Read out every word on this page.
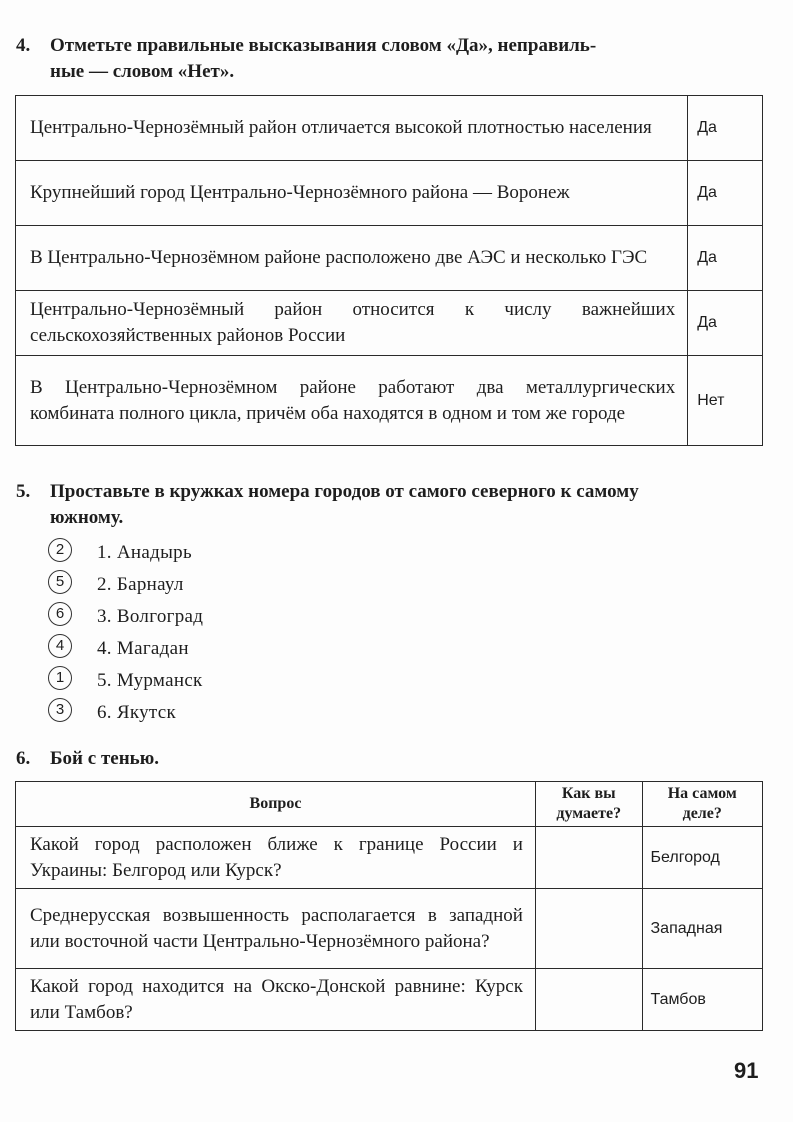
4. Отметьте правильные высказывания словом «Да», неправиль-
ные — словом «Нет».
Центрально-Чернозёмный район отличается высокой плотностью населения	Да
Крупнейший город Центрально-Чернозёмного района — Воронеж	Да
В Центрально-Чернозёмном районе расположено две АЭС и несколько ГЭС	Да
Центрально-Чернозёмный район относится к числу важнейших сельскохозяйственных районов России	Да
В Центрально-Чернозёмном районе работают два металлургических комбината полного цикла, причём оба находятся в одном и том же городе	Нет
5. Проставьте в кружках номера городов от самого северного к самому
южному.
2	1. Анадырь
5	2. Барнаул
6	3. Волгоград
4	4. Магадан
1	5. Мурманск
3	6. Якутск
6. Бой с тенью.
Вопрос	Как вы думаете?	На самом деле?
Какой город расположен ближе к границе России и Украины: Белгород или Курск?		Белгород
Среднерусская возвышенность располагается в западной или восточной части Центрально-Чернозёмного района?		Западная
Какой город находится на Окско-Донской равнине: Курск или Тамбов?		Тамбов
91
